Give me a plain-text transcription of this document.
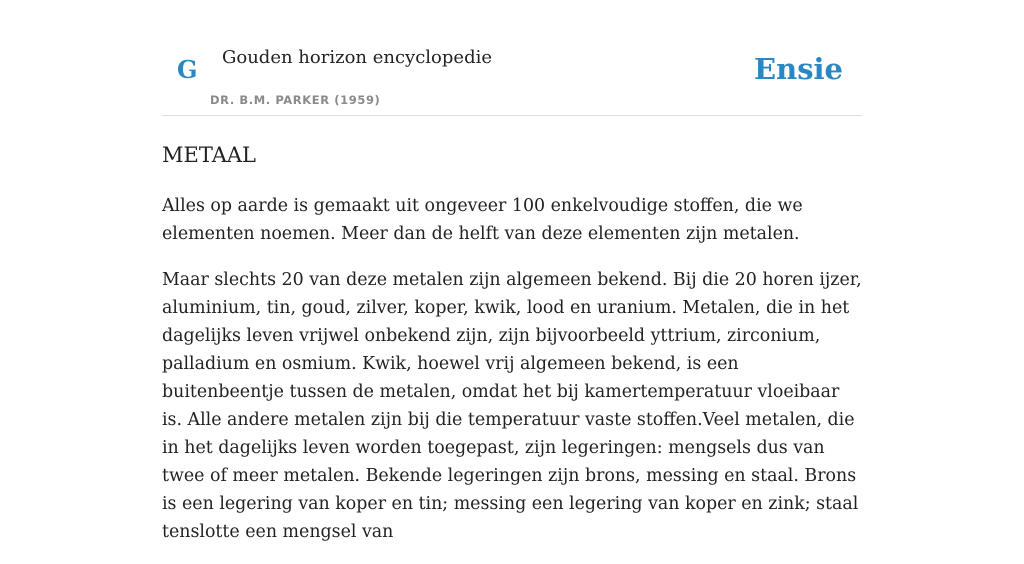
G Gouden horizon encyclopedie
DR. B.M. PARKER (1959)
Ensie
METAAL

Alles op aarde is gemaakt uit ongeveer 100 enkelvoudige stoffen, die we elementen noemen. Meer dan de helft van deze elementen zijn metalen.

Maar slechts 20 van deze metalen zijn algemeen bekend. Bij die 20 horen ijzer, aluminium, tin, goud, zilver, koper, kwik, lood en uranium. Metalen, die in het dagelijks leven vrijwel onbekend zijn, zijn bijvoorbeeld yttrium, zirconium, palladium en osmium. Kwik, hoewel vrij algemeen bekend, is een buitenbeentje tussen de metalen, omdat het bij kamertemperatuur vloeibaar is. Alle andere metalen zijn bij die temperatuur vaste stoffen.Veel metalen, die in het dagelijks leven worden toegepast, zijn legeringen: mengsels dus van twee of meer metalen. Bekende legeringen zijn brons, messing en staal. Brons is een legering van koper en tin; messing een legering van koper en zink; staal tenslotte een mengsel van
